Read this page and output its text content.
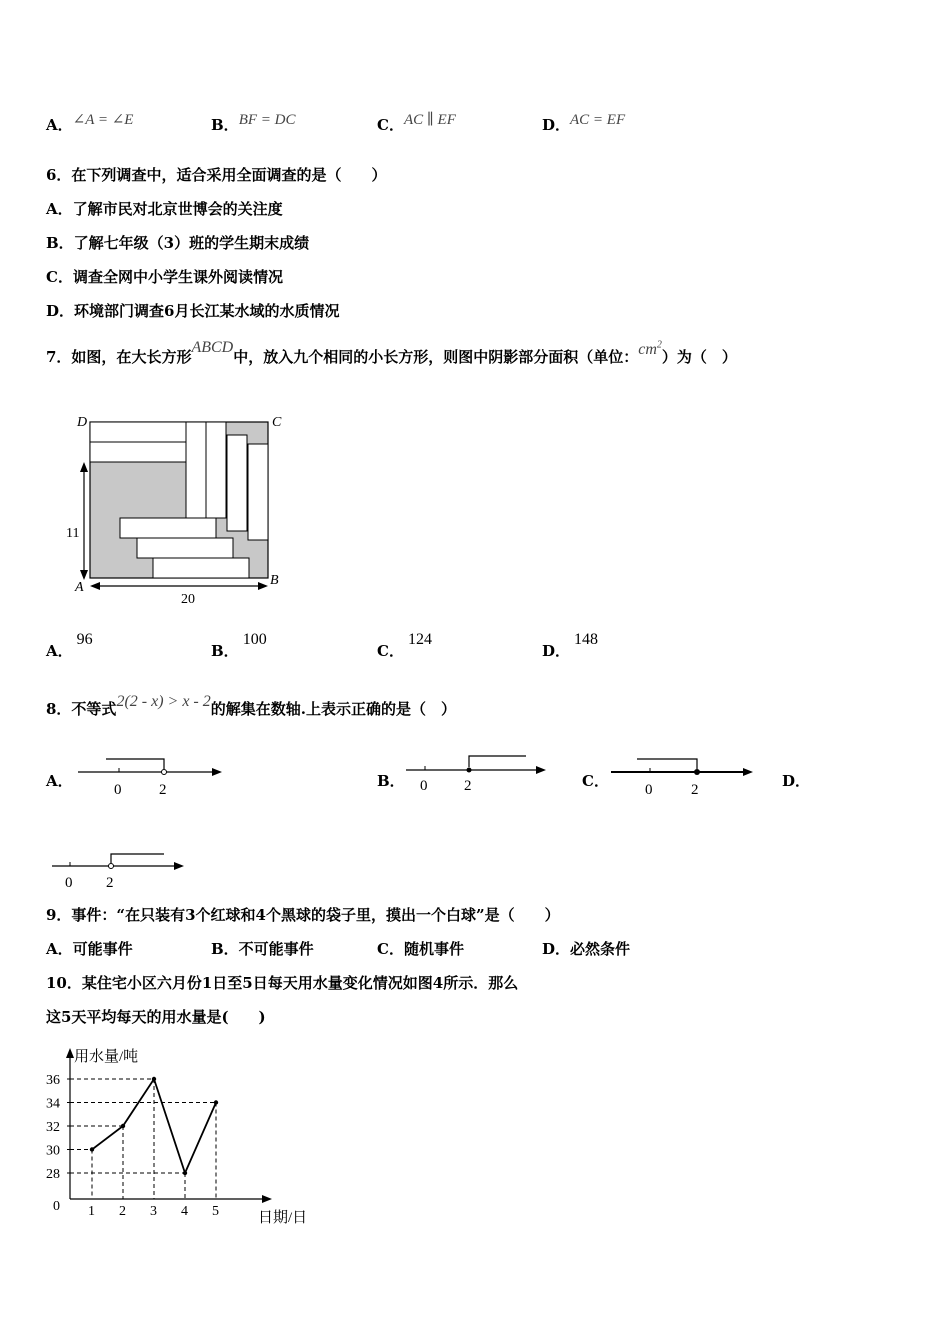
A．∠A = ∠E	B．BF = DC	C．AC ∥ EF	D．AC = EF
6．在下列调查中，适合采用全面调查的是（　　）
A．了解市民对北京世博会的关注度
B．了解七年级（3）班的学生期末成绩
C．调查全网中小学生课外阅读情况
D．环境部门调查6月长江某水域的水质情况
7．如图，在大长方形ABCD中，放入九个相同的小长方形，则图中阴影部分面积（单位：$cm^2$）为（　）
D	C
A	B
11
20
A．96
B．100
C．124
D．148
8．不等式2(2 - x) > x - 2的解集在数轴.上表示正确的是（　）
A．	0	2	B． 0 2	C． 0	2	D．
0 2
9．事件：“在只装有3个红球和4个黑球的袋子里，摸出一个白球”是（　　）
A．可能事件	B．不可能事件	C．随机事件	D．必然条件
10．某住宅小区六月份1日至5日每天用水量变化情况如图4所示．那么
这5天平均每天的用水量是(　　)
用水量/吨
日期/日
0
28
30
32
34
36
1 2 3 4 5
